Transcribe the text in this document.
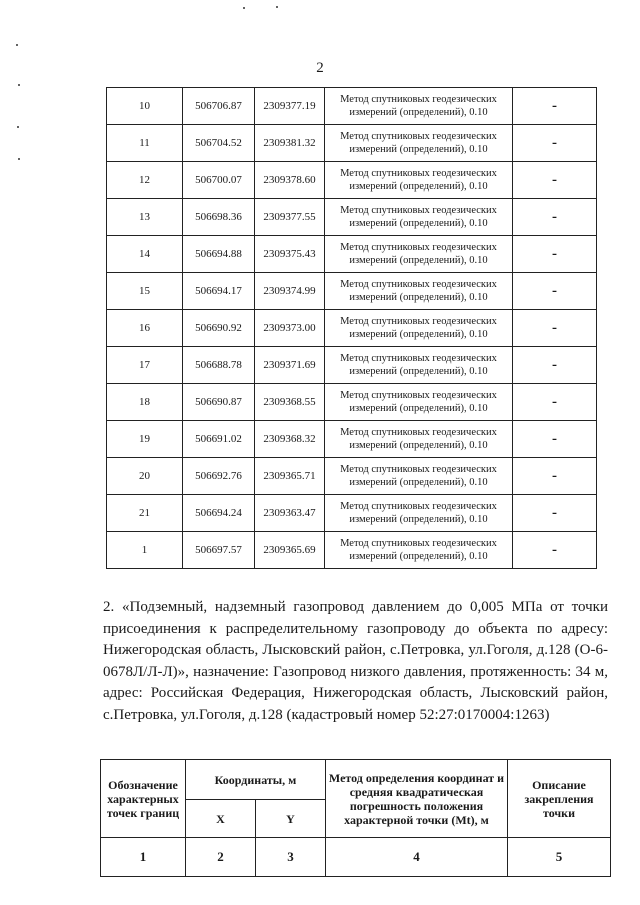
2
10	506706.87	2309377.19	Метод спутниковых геодезических
измерений (определений), 0.10	-
11	506704.52	2309381.32	Метод спутниковых геодезических
измерений (определений), 0.10	-
12	506700.07	2309378.60	Метод спутниковых геодезических
измерений (определений), 0.10	-
13	506698.36	2309377.55	Метод спутниковых геодезических
измерений (определений), 0.10	-
14	506694.88	2309375.43	Метод спутниковых геодезических
измерений (определений), 0.10	-
15	506694.17	2309374.99	Метод спутниковых геодезических
измерений (определений), 0.10	-
16	506690.92	2309373.00	Метод спутниковых геодезических
измерений (определений), 0.10	-
17	506688.78	2309371.69	Метод спутниковых геодезических
измерений (определений), 0.10	-
18	506690.87	2309368.55	Метод спутниковых геодезических
измерений (определений), 0.10	-
19	506691.02	2309368.32	Метод спутниковых геодезических
измерений (определений), 0.10	-
20	506692.76	2309365.71	Метод спутниковых геодезических
измерений (определений), 0.10	-
21	506694.24	2309363.47	Метод спутниковых геодезических
измерений (определений), 0.10	-
1	506697.57	2309365.69	Метод спутниковых геодезических
измерений (определений), 0.10	-

2. «Подземный, надземный газопровод давлением до 0,005 МПа от точки присоединения к распределительному газопроводу до объекта по адресу: Нижегородская область, Лысковский район, с.Петровка, ул.Гоголя, д.128 (О-6-0678Л/Л-Л)», назначение: Газопровод низкого давления, протяженность: 34 м, адрес: Российская Федерация, Нижегородская область, Лысковский район, с.Петровка, ул.Гоголя, д.128 (кадастровый номер 52:27:0170004:1263)

Обозначение характерных точек границ	Координаты, м		Метод определения координат и средняя квадратическая погрешность положения характерной точки (Mt), м	Описание закрепления точки
	X	Y		
1	2	3	4	5
